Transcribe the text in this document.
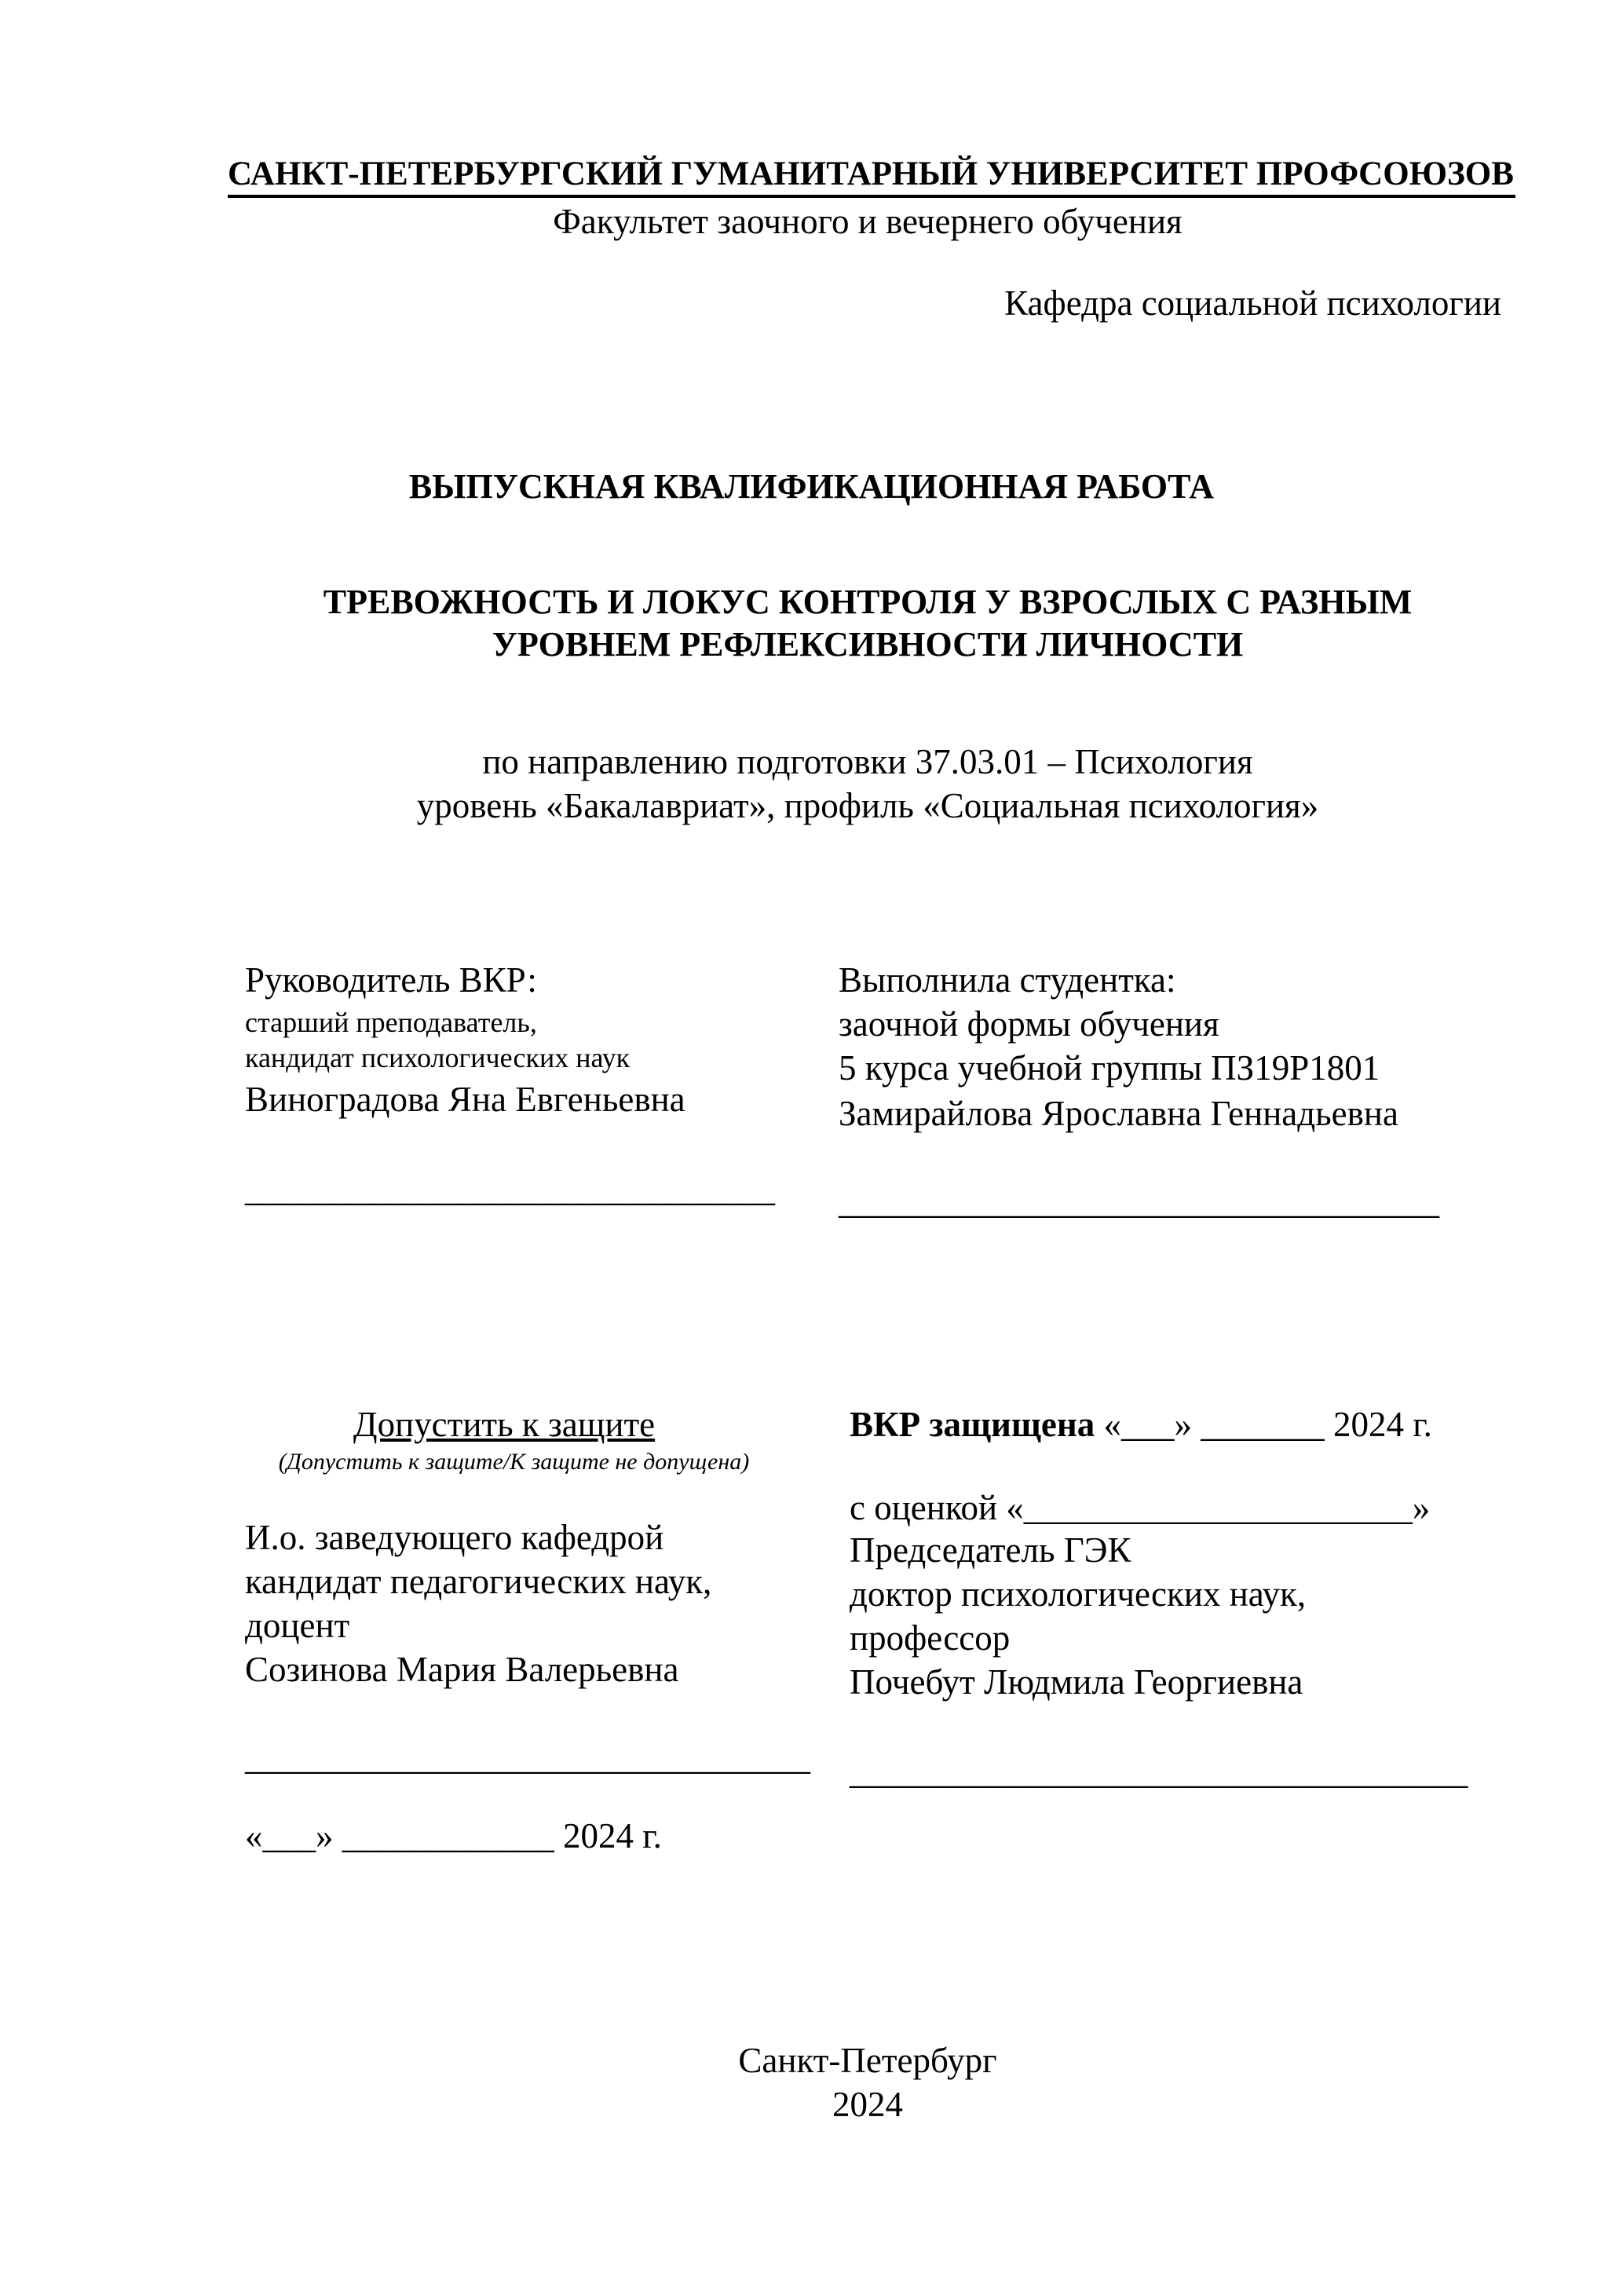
САНКТ-ПЕТЕРБУРГСКИЙ ГУМАНИТАРНЫЙ УНИВЕРСИТЕТ ПРОФСОЮЗОВ
Факультет заочного и вечернего обучения
Кафедра социальной психологии
ВЫПУСКНАЯ КВАЛИФИКАЦИОННАЯ РАБОТА
ТРЕВОЖНОСТЬ И ЛОКУС КОНТРОЛЯ У ВЗРОСЛЫХ С РАЗНЫМ
УРОВНЕМ РЕФЛЕКСИВНОСТИ ЛИЧНОСТИ
по направлению подготовки 37.03.01 – Психология
уровень «Бакалавриат», профиль «Социальная психология»
Руководитель ВКР:
старший преподаватель,
кандидат психологических наук
Виноградова Яна Евгеньевна
______________________________
Выполнила студентка:
заочной формы обучения
5 курса учебной группы ПЗ19Р1801
Замирайлова Ярославна Геннадьевна
__________________________________
Допустить к защите
(Допустить к защите/К защите не допущена)
И.о. заведующего кафедрой
кандидат педагогических наук,
доцент
Созинова Мария Валерьевна
________________________________
«___» ____________ 2024 г.
ВКР защищена «___» _______ 2024 г.
с оценкой «______________________»
Председатель ГЭК
доктор психологических наук,
профессор
Почебут Людмила Георгиевна
___________________________________
Санкт-Петербург
2024
